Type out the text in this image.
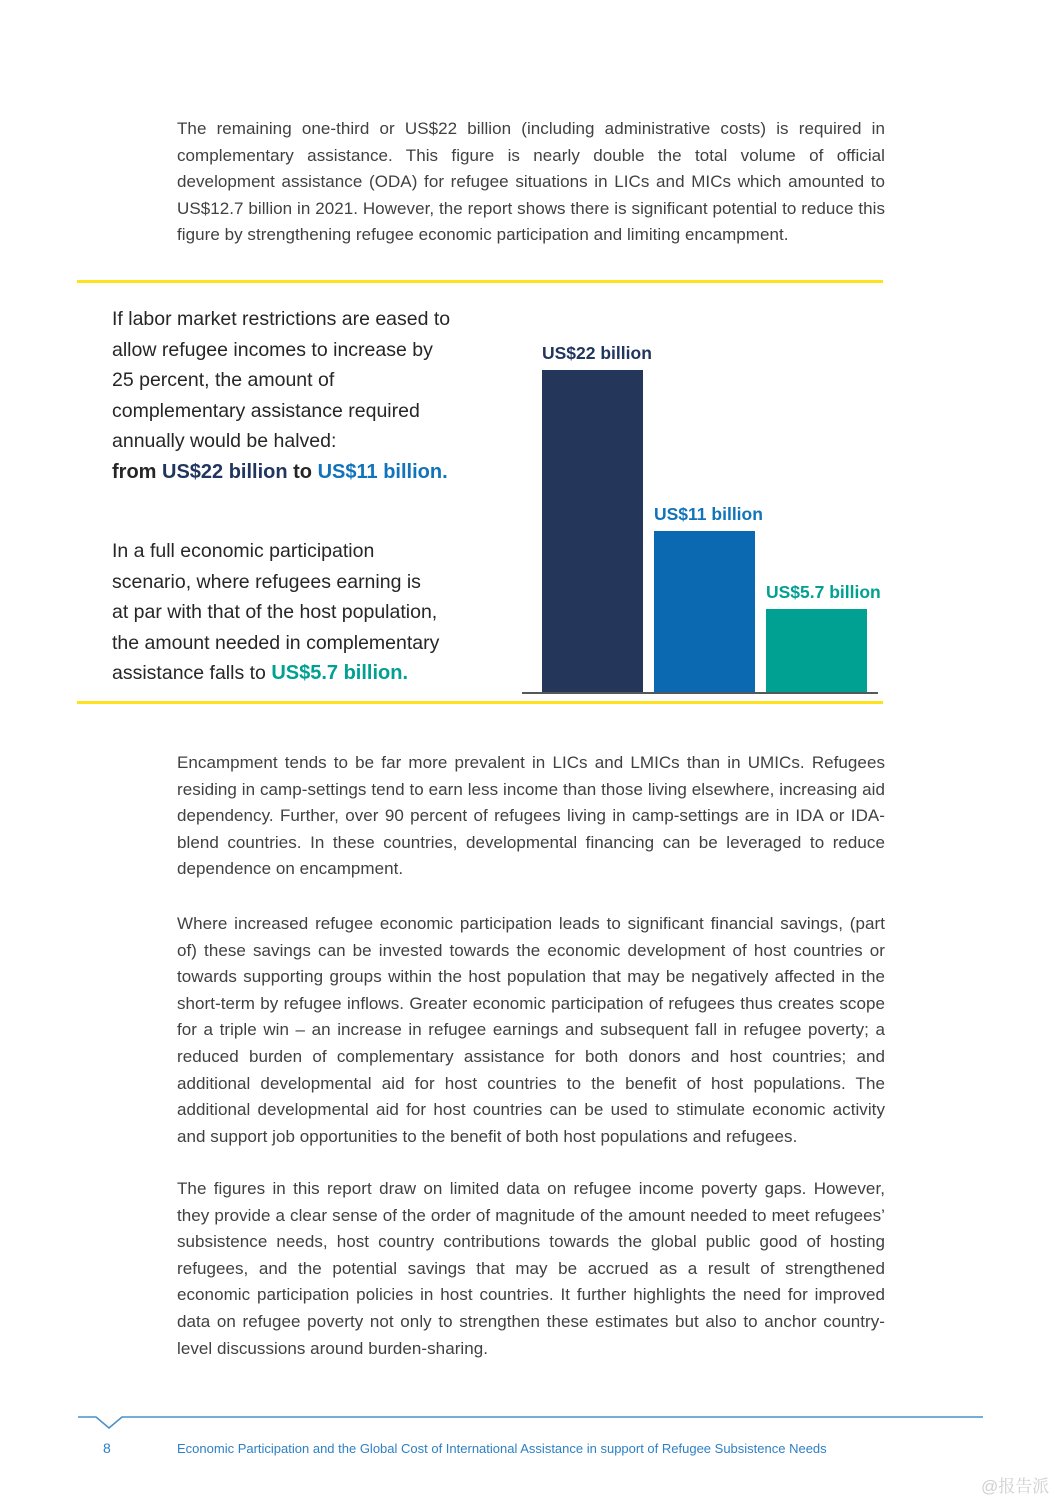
The remaining one-third or US$22 billion (including administrative costs) is required in complementary assistance. This figure is nearly double the total volume of official development assistance (ODA) for refugee situations in LICs and MICs which amounted to US$12.7 billion in 2021. However, the report shows there is significant potential to reduce this figure by strengthening refugee economic participation and limiting encampment.

If labor market restrictions are eased to
allow refugee incomes to increase by
25 percent, the amount of
complementary assistance required
annually would be halved:
from US$22 billion to US$11 billion.
In a full economic participation
scenario, where refugees earning is
at par with that of the host population,
the amount needed in complementary
assistance falls to US$5.7 billion.
US$22 billion
US$11 billion
US$5.7 billion

Encampment tends to be far more prevalent in LICs and LMICs than in UMICs. Refugees residing in camp-settings tend to earn less income than those living elsewhere, increasing aid dependency. Further, over 90 percent of refugees living in camp-settings are in IDA or IDA-blend countries. In these countries, developmental financing can be leveraged to reduce dependence on encampment.

Where increased refugee economic participation leads to significant financial savings, (part of) these savings can be invested towards the economic development of host countries or towards supporting groups within the host population that may be negatively affected in the short-term by refugee inflows. Greater economic participation of refugees thus creates scope for a triple win – an increase in refugee earnings and subsequent fall in refugee poverty; a reduced burden of complementary assistance for both donors and host countries; and additional developmental aid for host countries to the benefit of host populations. The additional developmental aid for host countries can be used to stimulate economic activity and support job opportunities to the benefit of both host populations and refugees.

The figures in this report draw on limited data on refugee income poverty gaps. However, they provide a clear sense of the order of magnitude of the amount needed to meet refugees’ subsistence needs, host country contributions towards the global public good of hosting refugees, and the potential savings that may be accrued as a result of strengthened economic participation policies in host countries. It further highlights the need for improved data on refugee poverty not only to strengthen these estimates but also to anchor country-level discussions around burden-sharing.

8	Economic Participation and the Global Cost of International Assistance in support of Refugee Subsistence Needs
@报告派
